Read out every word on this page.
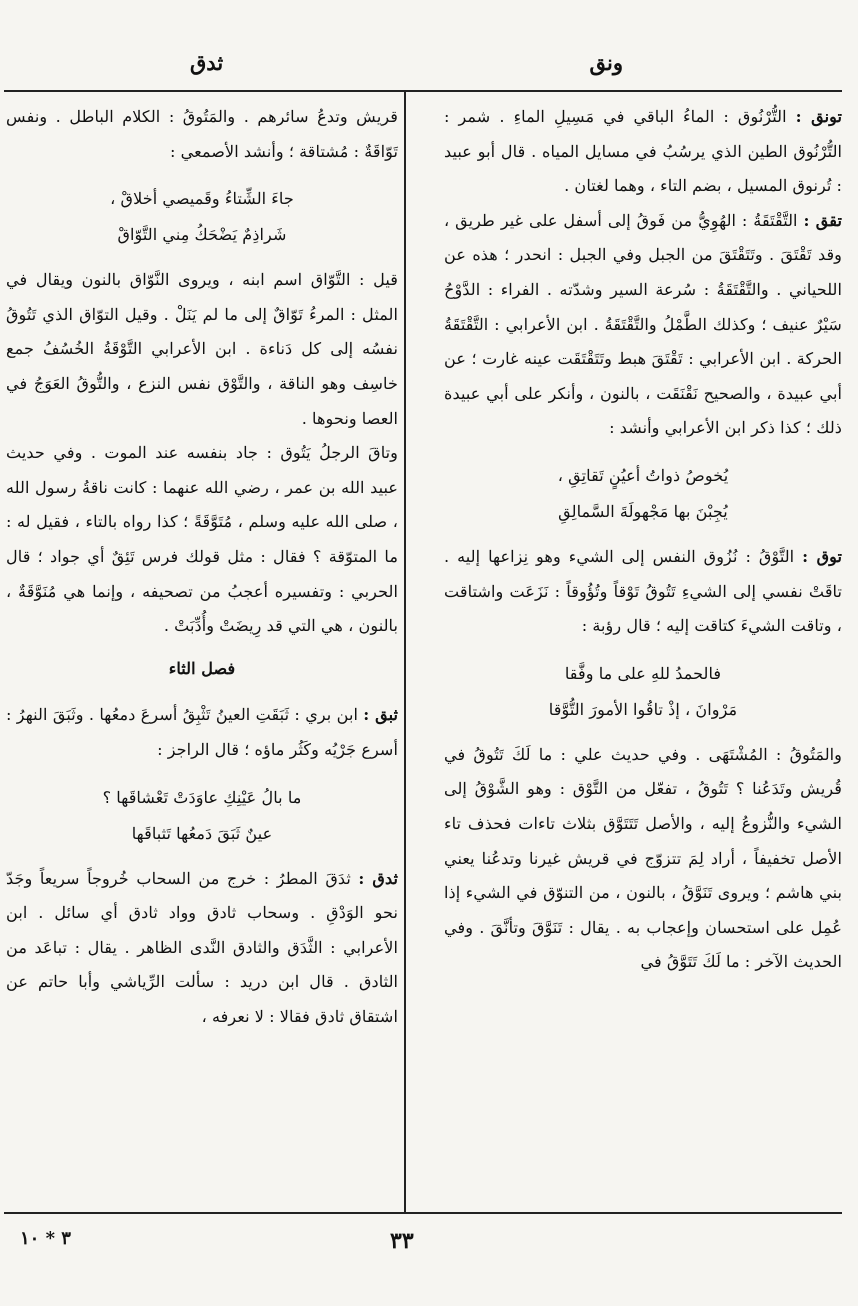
ونق
ثدق

تونق : التُّرْنُوق : الماءُ الباقي في مَسِيلِ الماءِ . شمر : التُّرْنُوق الطين الذي يرسُبُ في مسايل المياه . قال أبو عبيد : تُرنوق المسيل ، بضم التاء ، وهما لغتان .

تقق : التَّقْتَقَةُ : الهُوِيُّ من فَوقُ إلى أسفل على غير طريق ، وقد تَقْتَقَ . وتَتَقْتَقَ من الجبل وفي الجبل : انحدر ؛ هذه عن اللحياني . والتَّقْتَقَةُ : سُرعة السير وشدّته . الفراء : الدَّوْحُ سَيْرٌ عنيف ؛ وكذلك الطَّمْلُ والتَّقْتَقَةُ . ابن الأعرابي : التَّقْتَقَةُ الحركة . ابن الأعرابي : تَقْتَقَ هبط وتَتَقْتَقَت عينه غارت ؛ عن أبي عبيدة ، والصحيح نَقْنَقَت ، بالنون ، وأنكر على أبي عبيدة ذلك ؛ كذا ذكر ابن الأعرابي وأنشد :

يُخوصُ ذواتُ أعيُنٍ تَقاتِقِ ،
يُجِبْنَ بها مَجْهولَةَ السَّمالِقِ

توق : التَّوْقُ : نُزُوق النفس إلى الشيء وهو نِزاعها إليه . تاقَتْ نفسي إلى الشيءِ تَتُوقُ تَوْقاً وتُؤُوقاً : نَزَعَت واشتاقت ، وتاقت الشيءَ كتاقت إليه ؛ قال رؤبة :

فالحمدُ للهِ على ما وفَّقا
مَرْوانَ ، إذْ تاقُوا الأمورَ التُّوَّقا

والمَتُوقُ : المُشْتَهَى . وفي حديث علي : ما لَكَ تَتُوقُ في قُريش وتَدَعُنا ؟ تَتُوقُ ، تفعّل من التَّوْق : وهو الشَّوْقُ إلى الشيء والنُّزوعُ إليه ، والأصل تَتَتَوَّق بثلاث تاءات فحذف تاء الأصل تخفيفاً ، أراد لِمَ تتزوّج في قريش غيرنا وتدعُنا يعني بني هاشم ؛ ويروى تَنَوَّقُ ، بالنون ، من التنوّق في الشيء إذا عُمِل على استحسان وإعجاب به . يقال : تَنَوَّقَ وتأنَّقَ . وفي الحديث الآخر : ما لَكَ تَتَوَّقُ في

قريش وتدعُ سائرهم . والمَتُوقُ : الكلام الباطل . ونفس تَوّاقَةٌ : مُشتاقة ؛ وأنشد الأصمعي :

جاءَ الشِّتاءُ وقَميصي أخلاقْ ،
شَراذِمٌ يَضْحَكُ مِني التَّوّاقْ

قيل : التَّوّاق اسم ابنه ، ويروى النَّوّاق بالنون ويقال في المثل : المرءُ تَوّاقٌ إلى ما لم يَنَلْ . وقيل التوّاق الذي تَتُوقُ نفسُه إلى كل دَناءة . ابن الأعرابي التَّوْقَةُ الخُسُفُ جمع خاسِف وهو الناقة ، والتَّوْق نفس النزع ، والتُّوقُ العَوَجُ في العصا ونحوها .

وتاقَ الرجلُ يَتُوق : جاد بنفسه عند الموت . وفي حديث عبيد الله بن عمر ، رضي الله عنهما : كانت ناقةُ رسول الله ، صلى الله عليه وسلم ، مُتَوَّقَةً ؛ كذا رواه بالتاء ، فقيل له : ما المتوّقة ؟ فقال : مثل قولك فرس تَئِقٌ أي جواد ؛ قال الحربي : وتفسيره أعجبُ من تصحيفه ، وإنما هي مُنَوَّقَةٌ ، بالنون ، هي التي قد رِيضَتْ وأُدِّبَتْ .

فصل الثاء

ثبق : ابن بري : ثَبَقَتِ العينُ تَثْبِقُ أسرعَ دمعُها . وثَبَقَ النهرُ : أسرع جَرْيُه وكَثُر ماؤه ؛ قال الراجز :

ما بالُ عَيْنِكِ عاوَدَتْ تَعْشاقَها ؟
عينٌ ثَبَقَ دَمعُها تَثباقَها

ثدق : ثدَقَ المطرُ : خرج من السحاب خُروجاً سريعاً وجَدّ نحو الوَدْقِ . وسحاب ثادق وواد ثادق أي سائل . ابن الأعرابي : الثَّدَق والثادق النَّدى الظاهر . يقال : تباعَد من الثادق . قال ابن دريد : سألت الرِّياشي وأبا حاتم عن اشتقاق ثادق فقالا : لا نعرفه ،

٣٣
٣ * ١٠
